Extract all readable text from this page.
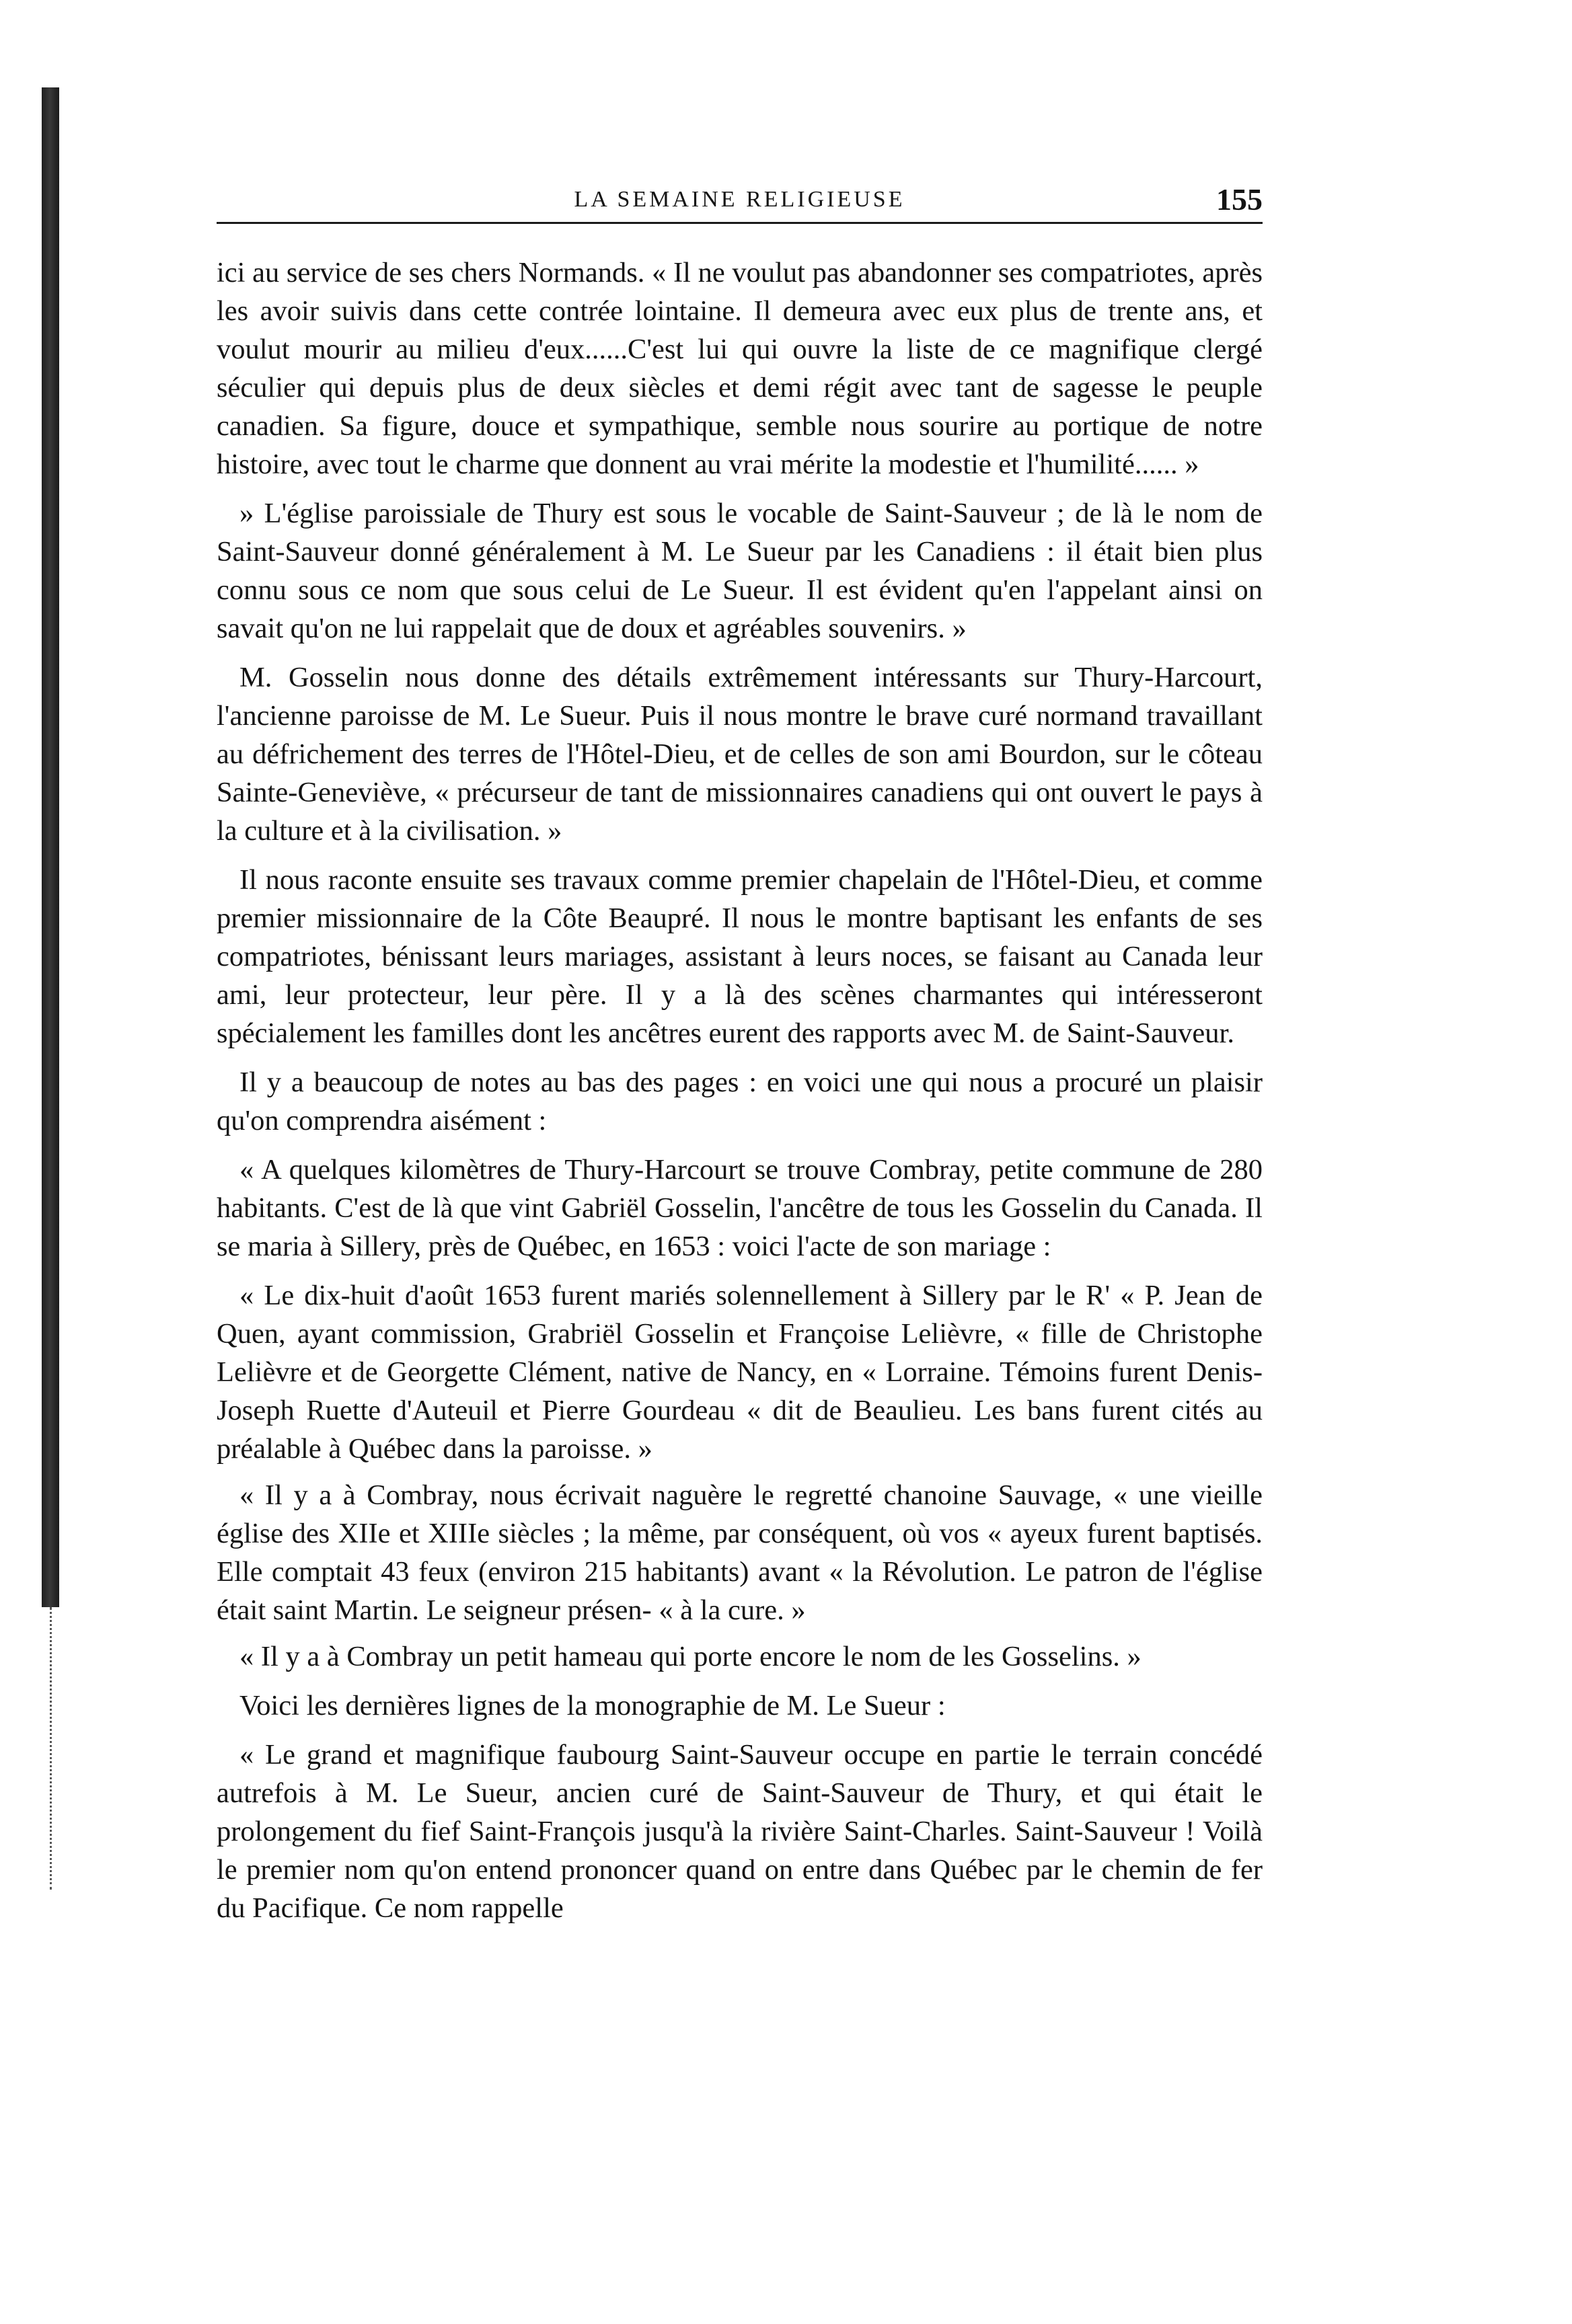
LA SEMAINE RELIGIEUSE	155

ici au service de ses chers Normands. « Il ne voulut pas abandonner ses compatriotes, après les avoir suivis dans cette contrée lointaine. Il demeura avec eux plus de trente ans, et voulut mourir au milieu d'eux......C'est lui qui ouvre la liste de ce magnifique clergé séculier qui depuis plus de deux siècles et demi régit avec tant de sagesse le peuple canadien. Sa figure, douce et sympathique, semble nous sourire au portique de notre histoire, avec tout le charme que donnent au vrai mérite la modestie et l'humilité...... »

» L'église paroissiale de Thury est sous le vocable de Saint-Sauveur ; de là le nom de Saint-Sauveur donné généralement à M. Le Sueur par les Canadiens : il était bien plus connu sous ce nom que sous celui de Le Sueur. Il est évident qu'en l'appelant ainsi on savait qu'on ne lui rappelait que de doux et agréables souvenirs. »

M. Gosselin nous donne des détails extrêmement intéressants sur Thury-Harcourt, l'ancienne paroisse de M. Le Sueur. Puis il nous montre le brave curé normand travaillant au défrichement des terres de l'Hôtel-Dieu, et de celles de son ami Bourdon, sur le côteau Sainte-Geneviève, « précurseur de tant de missionnaires canadiens qui ont ouvert le pays à la culture et à la civilisation. »

Il nous raconte ensuite ses travaux comme premier chapelain de l'Hôtel-Dieu, et comme premier missionnaire de la Côte Beaupré. Il nous le montre baptisant les enfants de ses compatriotes, bénissant leurs mariages, assistant à leurs noces, se faisant au Canada leur ami, leur protecteur, leur père. Il y a là des scènes charmantes qui intéresseront spécialement les familles dont les ancêtres eurent des rapports avec M. de Saint-Sauveur.

Il y a beaucoup de notes au bas des pages : en voici une qui nous a procuré un plaisir qu'on comprendra aisément :

« A quelques kilomètres de Thury-Harcourt se trouve Combray, petite commune de 280 habitants. C'est de là que vint Gabriël Gosselin, l'ancêtre de tous les Gosselin du Canada. Il se maria à Sillery, près de Québec, en 1653 : voici l'acte de son mariage :

« Le dix-huit d'août 1653 furent mariés solennellement à Sillery par le R' « P. Jean de Quen, ayant commission, Grabriël Gosselin et Françoise Lelièvre, « fille de Christophe Lelièvre et de Georgette Clément, native de Nancy, en « Lorraine. Témoins furent Denis-Joseph Ruette d'Auteuil et Pierre Gourdeau « dit de Beaulieu. Les bans furent cités au préalable à Québec dans la paroisse. »

« Il y a à Combray, nous écrivait naguère le regretté chanoine Sauvage, « une vieille église des XIIe et XIIIe siècles ; la même, par conséquent, où vos « ayeux furent baptisés. Elle comptait 43 feux (environ 215 habitants) avant « la Révolution. Le patron de l'église était saint Martin. Le seigneur présen- « à la cure. »

« Il y a à Combray un petit hameau qui porte encore le nom de les Gosselins. »

Voici les dernières lignes de la monographie de M. Le Sueur :

« Le grand et magnifique faubourg Saint-Sauveur occupe en partie le terrain concédé autrefois à M. Le Sueur, ancien curé de Saint-Sauveur de Thury, et qui était le prolongement du fief Saint-François jusqu'à la rivière Saint-Charles. Saint-Sauveur ! Voilà le premier nom qu'on entend prononcer quand on entre dans Québec par le chemin de fer du Pacifique. Ce nom rappelle
